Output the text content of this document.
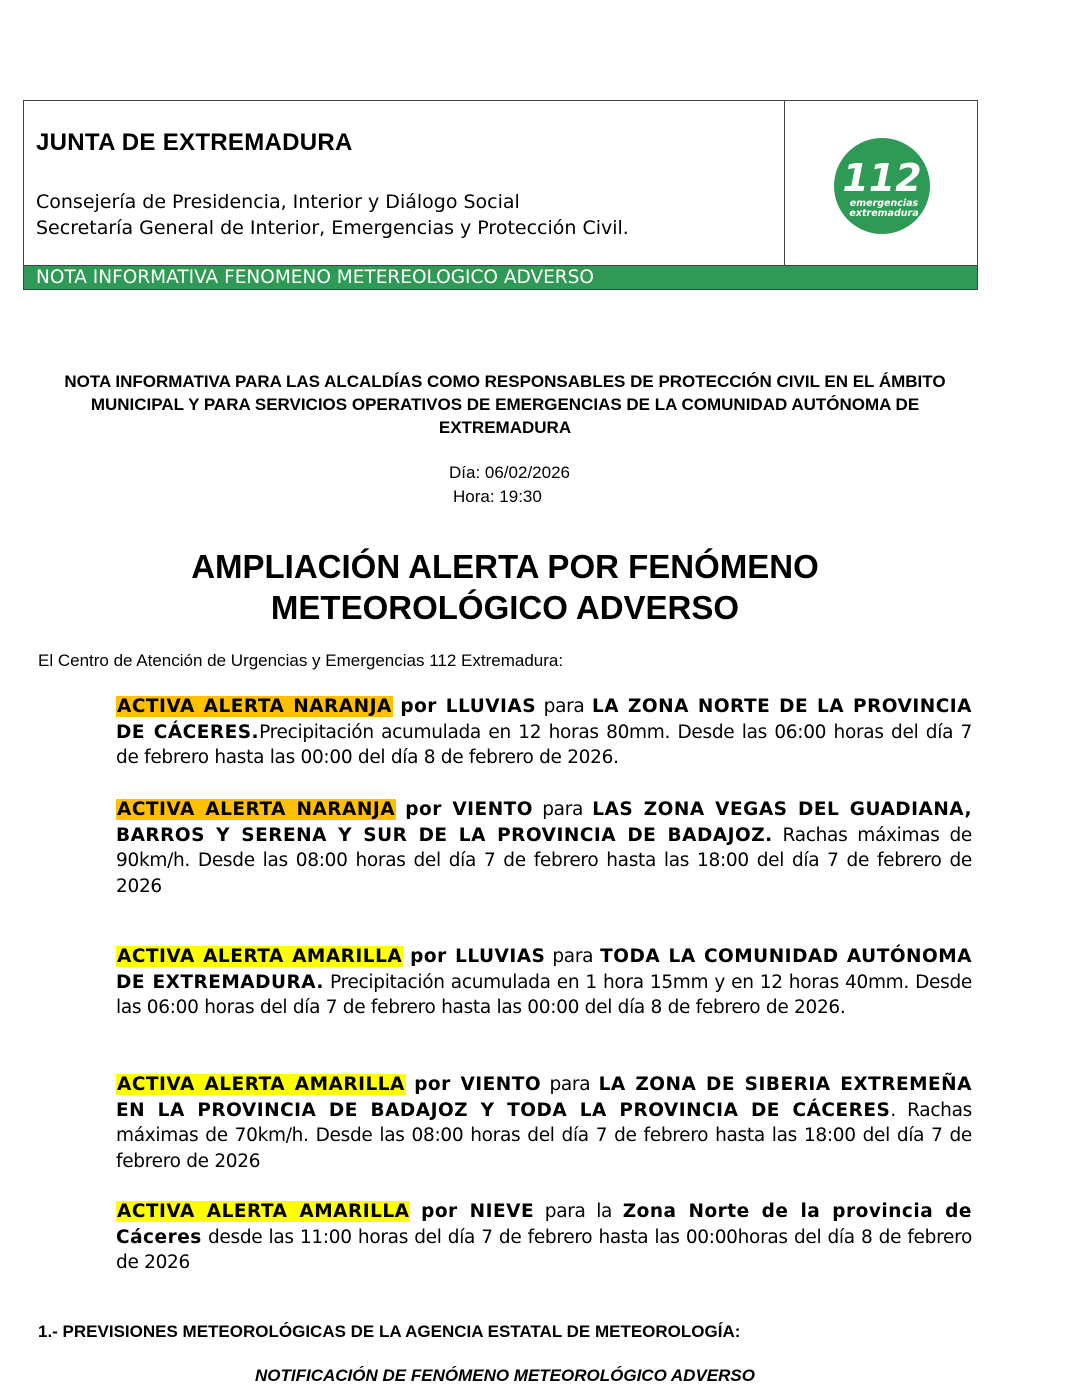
JUNTA DE EXTREMADURA
Consejería de Presidencia, Interior y Diálogo Social
Secretaría General de Interior, Emergencias y Protección Civil.
112
emergencias
extremadura
NOTA INFORMATIVA FENOMENO METEREOLOGICO ADVERSO
NOTA INFORMATIVA PARA LAS ALCALDÍAS COMO RESPONSABLES DE PROTECCIÓN CIVIL EN EL ÁMBITO MUNICIPAL Y PARA SERVICIOS OPERATIVOS DE EMERGENCIAS DE LA COMUNIDAD AUTÓNOMA DE EXTREMADURA
Día: 06/02/2026
Hora: 19:30
AMPLIACIÓN ALERTA POR FENÓMENO METEOROLÓGICO ADVERSO
El Centro de Atención de Urgencias y Emergencias 112 Extremadura:
ACTIVA ALERTA NARANJA por LLUVIAS para LA ZONA NORTE DE LA PROVINCIA DE CÁCERES.Precipitación acumulada en 12 horas 80mm. Desde las 06:00 horas del día 7 de febrero hasta las 00:00 del día 8 de febrero de 2026.
ACTIVA ALERTA NARANJA por VIENTO para LAS ZONA VEGAS DEL GUADIANA, BARROS Y SERENA Y SUR DE LA PROVINCIA DE BADAJOZ. Rachas máximas de 90km/h. Desde las 08:00 horas del día 7 de febrero hasta las 18:00 del día 7 de febrero de 2026
ACTIVA ALERTA AMARILLA por LLUVIAS para TODA LA COMUNIDAD AUTÓNOMA DE EXTREMADURA. Precipitación acumulada en 1 hora 15mm y en 12 horas 40mm. Desde las 06:00 horas del día 7 de febrero hasta las 00:00 del día 8 de febrero de 2026.
ACTIVA ALERTA AMARILLA por VIENTO para LA ZONA DE SIBERIA EXTREMEÑA EN LA PROVINCIA DE BADAJOZ Y TODA LA PROVINCIA DE CÁCERES. Rachas máximas de 70km/h. Desde las 08:00 horas del día 7 de febrero hasta las 18:00 del día 7 de febrero de 2026
ACTIVA ALERTA AMARILLA por NIEVE para la Zona Norte de la provincia de Cáceres desde las 11:00 horas del día 7 de febrero hasta las 00:00horas del día 8 de febrero de 2026
1.- PREVISIONES METEOROLÓGICAS DE LA AGENCIA ESTATAL DE METEOROLOGÍA:
NOTIFICACIÓN DE FENÓMENO METEOROLÓGICO ADVERSO
